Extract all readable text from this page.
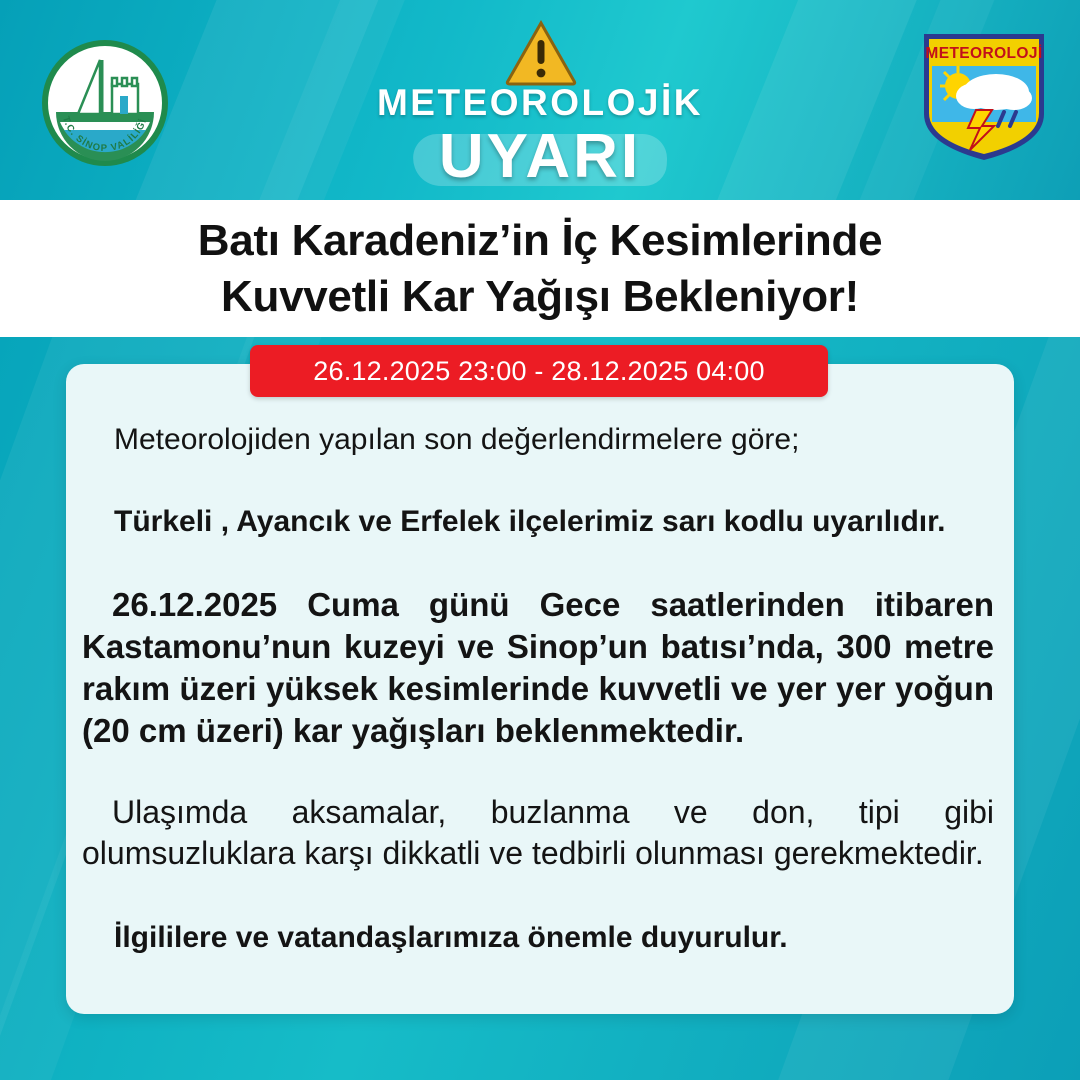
METEOROLOJİK
UYARI
T.C. SİNOP VALİLİĞİ
METEOROLOJİ
Batı Karadeniz’in İç Kesimlerinde
Kuvvetli Kar Yağışı Bekleniyor!
26.12.2025 23:00 - 28.12.2025 04:00

Meteorolojiden yapılan son değerlendirmelere göre;

Türkeli , Ayancık ve Erfelek ilçelerimiz sarı kodlu uyarılıdır.

26.12.2025 Cuma günü Gece saatlerinden itibaren Kastamonu’nun kuzeyi ve Sinop’un batısı’nda, 300 metre rakım üzeri yüksek kesimlerinde kuvvetli ve yer yer yoğun (20 cm üzeri) kar yağışları beklenmektedir.

Ulaşımda aksamalar, buzlanma ve don, tipi gibi olumsuzluklara karşı dikkatli ve tedbirli olunması gerekmektedir.

İlgililere ve vatandaşlarımıza önemle duyurulur.
